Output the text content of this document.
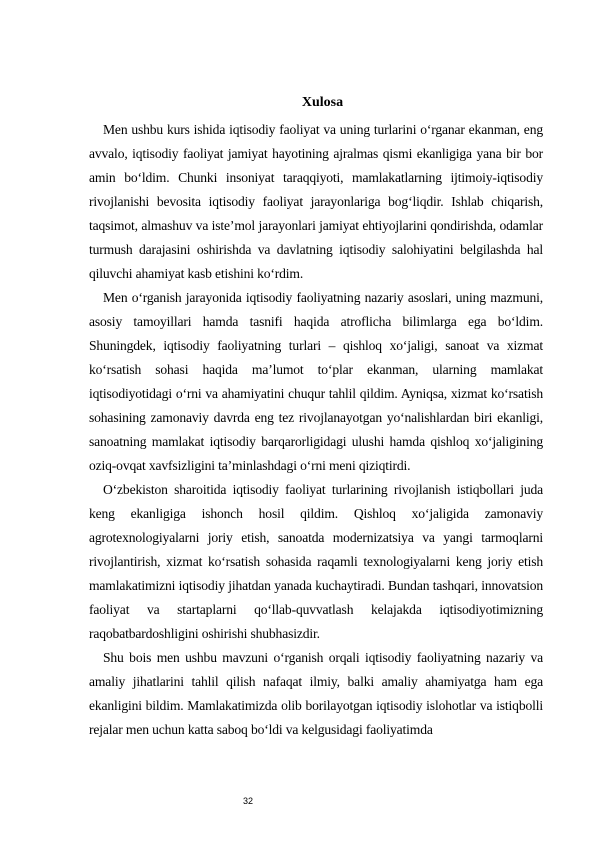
Xulosa

Men ushbu kurs ishida iqtisodiy faoliyat va uning turlarini oʻrganar ekanman, eng avvalo, iqtisodiy faoliyat jamiyat hayotining ajralmas qismi ekanligiga yana bir bor amin boʻldim. Chunki insoniyat taraqqiyoti, mamlakatlarning ijtimoiy-iqtisodiy rivojlanishi bevosita iqtisodiy faoliyat jarayonlariga bogʻliqdir. Ishlab chiqarish, taqsimot, almashuv va isteʼmol jarayonlari jamiyat ehtiyojlarini qondirishda, odamlar turmush darajasini oshirishda va davlatning iqtisodiy salohiyatini belgilashda hal qiluvchi ahamiyat kasb etishini koʻrdim.

Men oʻrganish jarayonida iqtisodiy faoliyatning nazariy asoslari, uning mazmuni, asosiy tamoyillari hamda tasnifi haqida atroflicha bilimlarga ega boʻldim. Shuningdek, iqtisodiy faoliyatning turlari – qishloq xoʻjaligi, sanoat va xizmat koʻrsatish sohasi haqida maʼlumot toʻplar ekanman, ularning mamlakat iqtisodiyotidagi oʻrni va ahamiyatini chuqur tahlil qildim. Ayniqsa, xizmat koʻrsatish sohasining zamonaviy davrda eng tez rivojlanayotgan yoʻnalishlardan biri ekanligi, sanoatning mamlakat iqtisodiy barqarorligidagi ulushi hamda qishloq xoʻjaligining oziq-ovqat xavfsizligini taʼminlashdagi oʻrni meni qiziqtirdi.

Oʻzbekiston sharoitida iqtisodiy faoliyat turlarining rivojlanish istiqbollari juda keng ekanligiga ishonch hosil qildim. Qishloq xoʻjaligida zamonaviy agrotexnologiyalarni joriy etish, sanoatda modernizatsiya va yangi tarmoqlarni rivojlantirish, xizmat koʻrsatish sohasida raqamli texnologiyalarni keng joriy etish mamlakatimizni iqtisodiy jihatdan yanada kuchaytiradi. Bundan tashqari, innovatsion faoliyat va startaplarni qoʻllab-quvvatlash kelajakda iqtisodiyotimizning raqobatbardoshligini oshirishi shubhasizdir.

Shu bois men ushbu mavzuni oʻrganish orqali iqtisodiy faoliyatning nazariy va amaliy jihatlarini tahlil qilish nafaqat ilmiy, balki amaliy ahamiyatga ham ega ekanligini bildim. Mamlakatimizda olib borilayotgan iqtisodiy islohotlar va istiqbolli rejalar men uchun katta saboq boʻldi va kelgusidagi faoliyatimda

32
